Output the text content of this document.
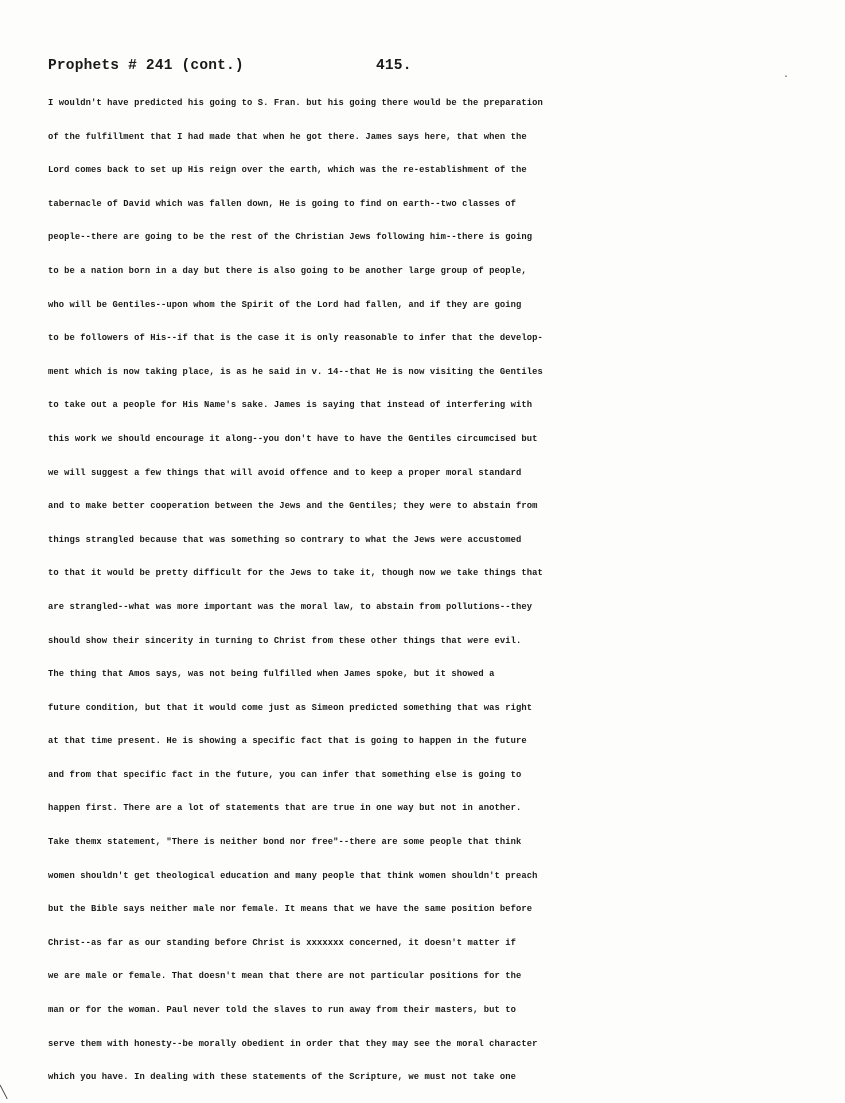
Prophets # 241 (cont.)	415.
·
I wouldn't have predicted his going to S. Fran. but his going there would be the preparation
of the fulfillment that I had made that when he got there. James says here, that when the
Lord comes back to set up His reign over the earth, which was the re-establishment of the
tabernacle of David which was fallen down, He is going to find on earth--two classes of
people--there are going to be the rest of the Christian Jews following him--there is going
to be a nation born in a day but there is also going to be another large group of people,
who will be Gentiles--upon whom the Spirit of the Lord had fallen, and if they are going
to be followers of His--if that is the case it is only reasonable to infer that the develop-
ment which is now taking place, is as he said in v. 14--that He is now visiting the Gentiles
to take out a people for His Name's sake. James is saying that instead of interfering with
this work we should encourage it along--you don't have to have the Gentiles circumcised but
we will suggest a few things that will avoid offence and to keep a proper moral standard
and to make better cooperation between the Jews and the Gentiles; they were to abstain from
things strangled because that was something so contrary to what the Jews were accustomed
to that it would be pretty difficult for the Jews to take it, though now we take things that
are strangled--what was more important was the moral law, to abstain from pollutions--they
should show their sincerity in turning to Christ from these other things that were evil.
The thing that Amos says, was not being fulfilled when James spoke, but it showed a
future condition, but that it would come just as Simeon predicted something that was right
at that time present. He is showing a specific fact that is going to happen in the future
and from that specific fact in the future, you can infer that something else is going to
happen first. There are a lot of statements that are true in one way but not in another.
Take themx statement, "There is neither bond nor free"--there are some people that think
women shouldn't get theological education and many people that think women shouldn't preach
but the Bible says neither male nor female. It means that we have the same position before
Christ--as far as our standing before Christ is xxxxxxx concerned, it doesn't matter if
we are male or female. That doesn't mean that there are not particular positions for the
man or for the woman. Paul never told the slaves to run away from their masters, but to
serve them with honesty--be morally obedient in order that they may see the moral character
which you have. In dealing with these statements of the Scripture, we must not take one
╲
